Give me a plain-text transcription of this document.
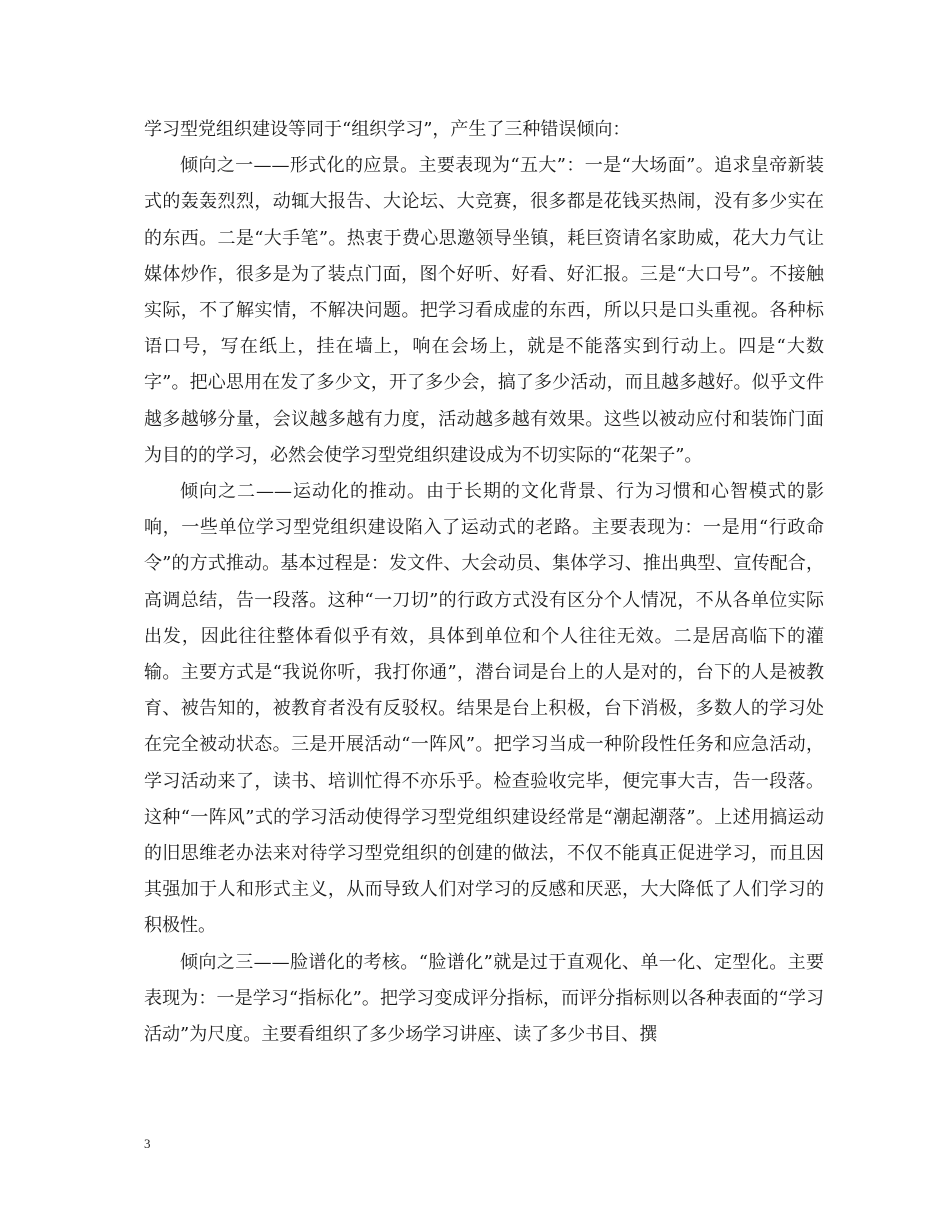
学习型党组织建设等同于“组织学习”，产生了三种错误倾向：

倾向之一——形式化的应景。主要表现为“五大”：一是“大场面”。追求皇帝新装式的轰轰烈烈，动辄大报告、大论坛、大竞赛，很多都是花钱买热闹，没有多少实在的东西。二是“大手笔”。热衷于费心思邀领导坐镇，耗巨资请名家助威，花大力气让媒体炒作，很多是为了装点门面，图个好听、好看、好汇报。三是“大口号”。不接触实际，不了解实情，不解决问题。把学习看成虚的东西，所以只是口头重视。各种标语口号，写在纸上，挂在墙上，响在会场上，就是不能落实到行动上。四是“大数字”。把心思用在发了多少文，开了多少会，搞了多少活动，而且越多越好。似乎文件越多越够分量，会议越多越有力度，活动越多越有效果。这些以被动应付和装饰门面为目的的学习，必然会使学习型党组织建设成为不切实际的“花架子”。

倾向之二——运动化的推动。由于长期的文化背景、行为习惯和心智模式的影响，一些单位学习型党组织建设陷入了运动式的老路。主要表现为：一是用“行政命令”的方式推动。基本过程是：发文件、大会动员、集体学习、推出典型、宣传配合，高调总结，告一段落。这种“一刀切”的行政方式没有区分个人情况，不从各单位实际出发，因此往往整体看似乎有效，具体到单位和个人往往无效。二是居高临下的灌输。主要方式是“我说你听，我打你通”，潜台词是台上的人是对的，台下的人是被教育、被告知的，被教育者没有反驳权。结果是台上积极，台下消极，多数人的学习处在完全被动状态。三是开展活动“一阵风”。把学习当成一种阶段性任务和应急活动，学习活动来了，读书、培训忙得不亦乐乎。检查验收完毕，便完事大吉，告一段落。这种“一阵风”式的学习活动使得学习型党组织建设经常是“潮起潮落”。上述用搞运动的旧思维老办法来对待学习型党组织的创建的做法，不仅不能真正促进学习，而且因其强加于人和形式主义，从而导致人们对学习的反感和厌恶，大大降低了人们学习的积极性。

倾向之三——脸谱化的考核。“脸谱化”就是过于直观化、单一化、定型化。主要表现为：一是学习“指标化”。把学习变成评分指标，而评分指标则以各种表面的“学习活动”为尺度。主要看组织了多少场学习讲座、读了多少书目、撰

3
